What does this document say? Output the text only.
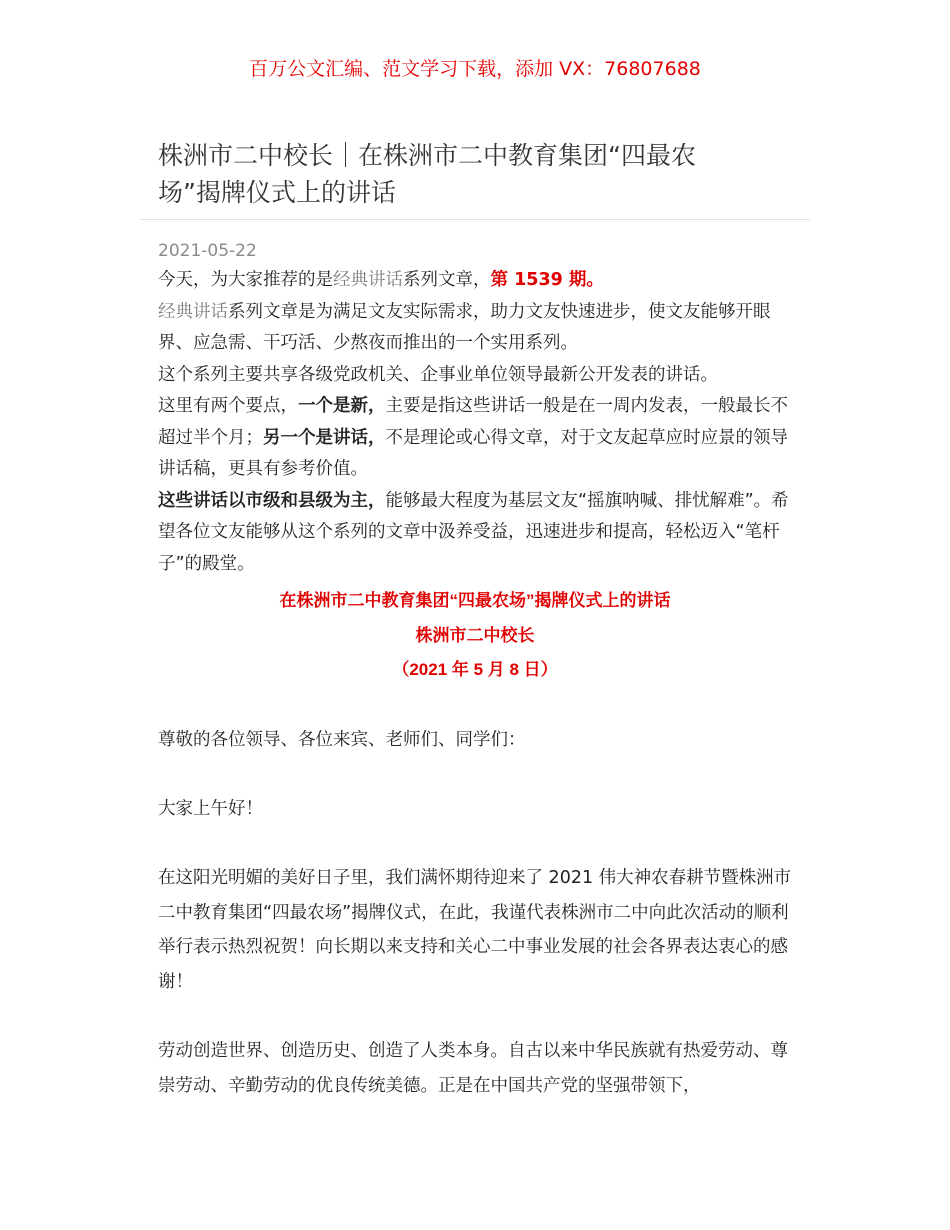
百万公文汇编、范文学习下载，添加 VX：76807688
株洲市二中校长｜在株洲市二中教育集团“四最农场”揭牌仪式上的讲话
2021-05-22

今天，为大家推荐的是经典讲话系列文章，第 1539 期。

经典讲话系列文章是为满足文友实际需求，助力文友快速进步，使文友能够开眼界、应急需、干巧活、少熬夜而推出的一个实用系列。

这个系列主要共享各级党政机关、企事业单位领导最新公开发表的讲话。

这里有两个要点，一个是新，主要是指这些讲话一般是在一周内发表，一般最长不超过半个月；另一个是讲话，不是理论或心得文章，对于文友起草应时应景的领导讲话稿，更具有参考价值。

这些讲话以市级和县级为主，能够最大程度为基层文友“摇旗呐喊、排忧解难”。希望各位文友能够从这个系列的文章中汲养受益，迅速进步和提高，轻松迈入“笔杆子”的殿堂。

在株洲市二中教育集团“四最农场”揭牌仪式上的讲话

株洲市二中校长

（2021 年 5 月 8 日）

尊敬的各位领导、各位来宾、老师们、同学们：

大家上午好！

在这阳光明媚的美好日子里，我们满怀期待迎来了 2021 伟大神农春耕节暨株洲市二中教育集团“四最农场”揭牌仪式，在此，我谨代表株洲市二中向此次活动的顺利举行表示热烈祝贺！向长期以来支持和关心二中事业发展的社会各界表达衷心的感谢！

劳动创造世界、创造历史、创造了人类本身。自古以来中华民族就有热爱劳动、尊崇劳动、辛勤劳动的优良传统美德。正是在中国共产党的坚强带领下，
